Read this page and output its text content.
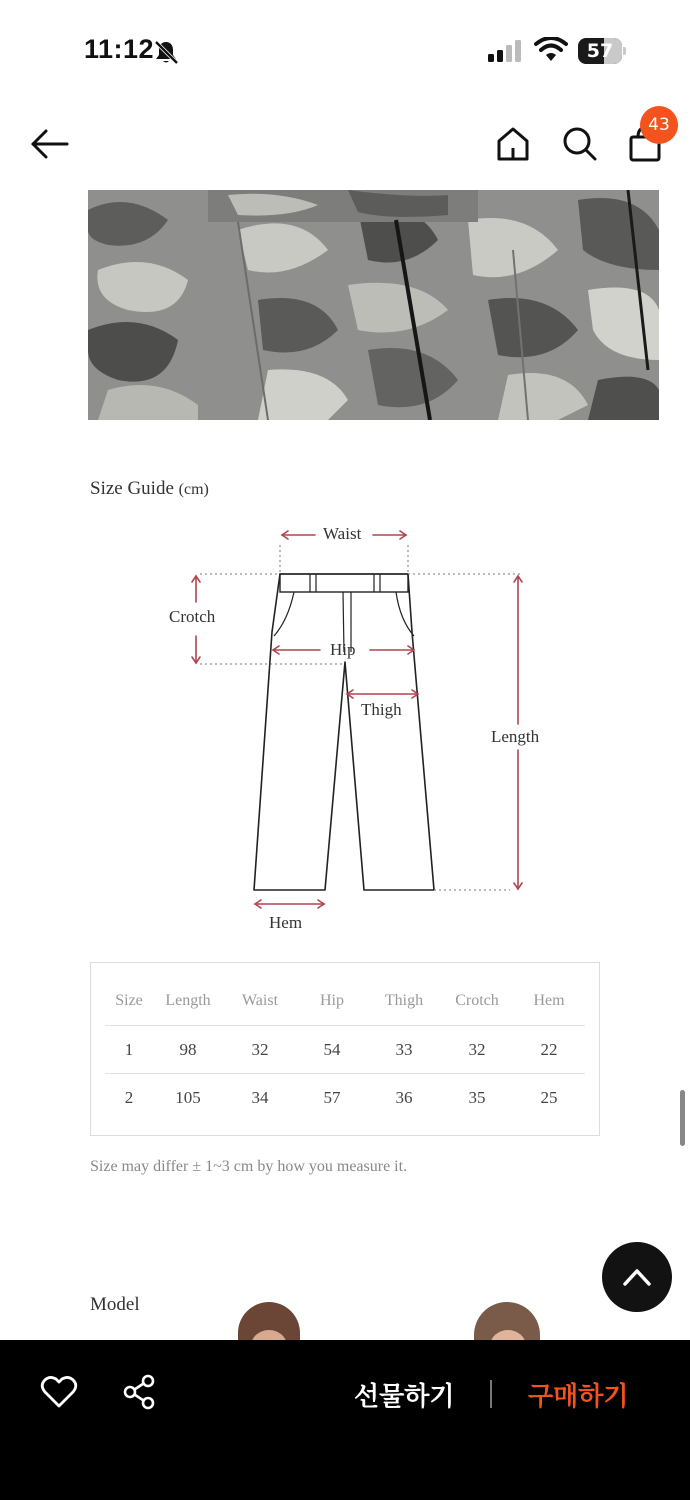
11:12	57
43
Size Guide (cm)
Waist
Crotch
Hip
Thigh
Length
Hem
Size	Length	Waist	Hip	Thigh	Crotch	Hem
1	98	32	54	33	32	22
2	105	34	57	36	35	25

Size may differ ± 1~3 cm by how you measure it.

Model
선물하기	구매하기
